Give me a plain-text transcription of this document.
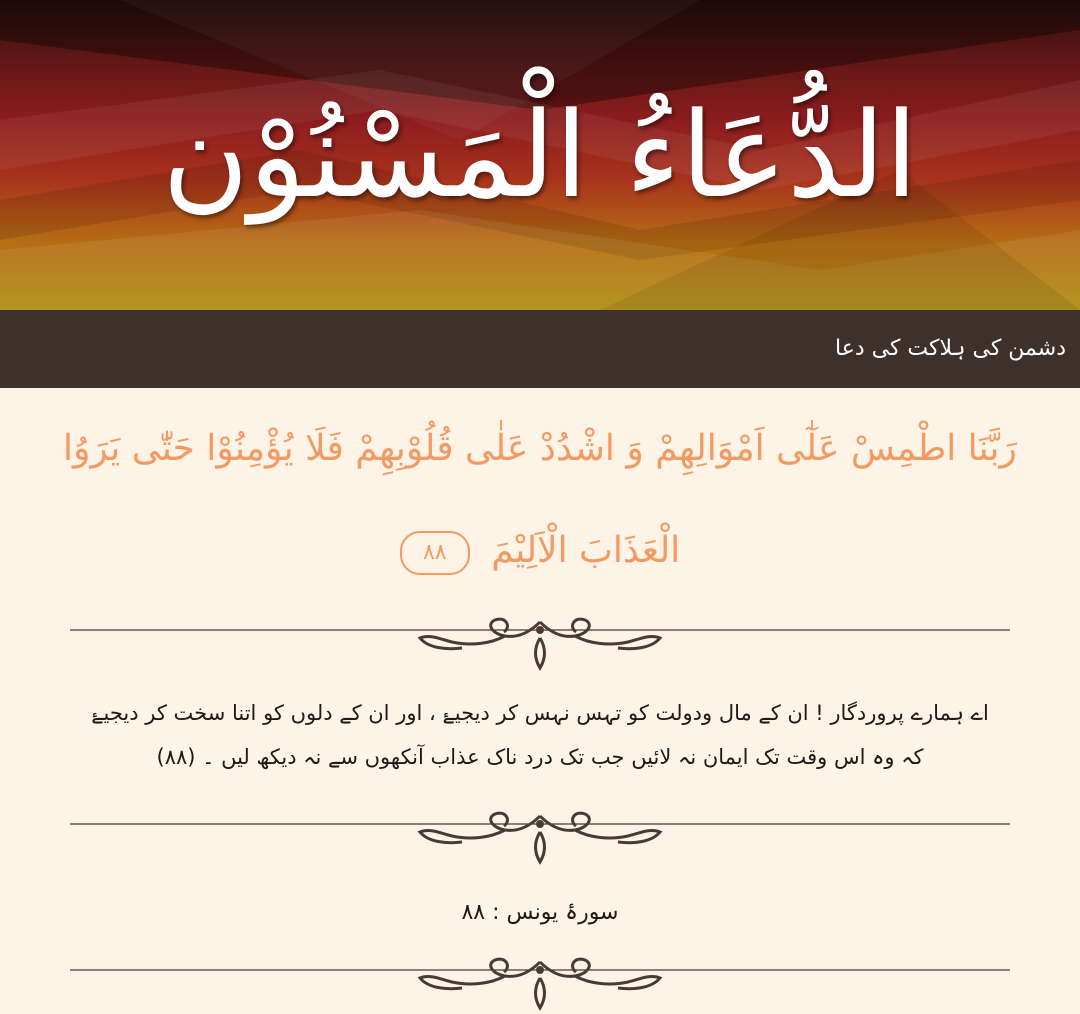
الدُّعَاءُ الْمَسْنُوْن
دشمن کی ہلاکت کی دعا
رَبَّنَا اطْمِسْ عَلٰٓى اَمْوَالِهِمْ وَ اشْدُدْ عَلٰى قُلُوْبِهِمْ فَلَا يُؤْمِنُوْا حَتّٰى يَرَوُا
الْعَذَابَ الْاَلِيْمَ ٨٨
اے ہمارے پروردگار ! ان کے مال ودولت کو تہس نہس کر دیجیۓ ، اور ان کے دلوں کو اتنا سخت کر دیجیۓ
کہ وہ اس وقت تک ایمان نہ لائیں جب تک درد ناک عذاب آنکھوں سے نہ دیکھ لیں ۔ (٨٨)
سورۂ یونس : ٨٨
